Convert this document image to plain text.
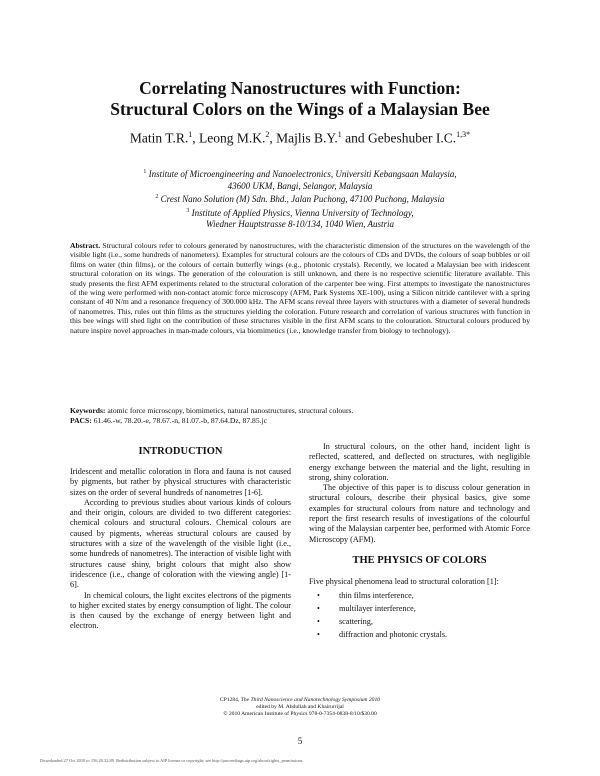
Correlating Nanostructures with Function:
Structural Colors on the Wings of a Malaysian Bee
Matin T.R.$^1$, Leong M.K.$^2$, Majlis B.Y.$^1$ and Gebeshuber I.C.$^{1,3*}$
$^1$ Institute of Microengineering and Nanoelectronics, Universiti Kebangsaan Malaysia,
43600 UKM, Bangi, Selangor, Malaysia
$^2$ Crest Nano Solution (M) Sdn. Bhd., Jalan Puchong, 47100 Puchong, Malaysia
$^3$ Institute of Applied Physics, Vienna University of Technology,
Wiedner Hauptstrasse 8-10/134, 1040 Wien, Austria
Abstract. Structural colours refer to colours generated by nanostructures, with the characteristic dimension of the structures on the wavelength of the visible light (i.e., some hundreds of nanometers). Examples for structural colours are the colours of CDs and DVDs, the colours of soap bubbles or oil films on water (thin films), or the colours of certain butterfly wings (e.g., photonic crystals). Recently, we located a Malaysian bee with iridescent structural coloration on its wings. The generation of the colouration is still unknown, and there is no respective scientific literature available. This study presents the first AFM experiments related to the structural coloration of the carpenter bee wing. First attempts to investigate the nanostructures of the wing were performed with non-contact atomic force microscopy (AFM, Park Systems XE-100), using a Silicon nitride cantilever with a spring constant of 40 N/m and a resonance frequency of 300.000 kHz. The AFM scans reveal three layers with structures with a diameter of several hundreds of nanometres. This, rules out thin films as the structures yielding the coloration. Future research and correlation of various structures with function in this bee wings will shed light on the contribution of these structures visible in the first AFM scans to the colouration. Structural colours produced by nature inspire novel approaches in man-made colours, via biomimetics (i.e., knowledge transfer from biology to technology).
Keywords: atomic force microscopy, biomimetics, natural nanostructures, structural colours.
PACS: 61.46.-w, 78.20.-e, 78.67.-n, 81.07.-b, 87.64.Dz, 87.85.jc
INTRODUCTION

Iridescent and metallic coloration in flora and fauna is not caused by pigments, but rather by physical structures with characteristic sizes on the order of several hundreds of nanometres [1-6].

According to previous studies about various kinds of colours and their origin, colours are divided to two different categories: chemical colours and structural colours. Chemical colours are caused by pigments, whereas structural colours are caused by structures with a size of the wavelength of the visible light (i.e., some hundreds of nanometres). The interaction of visible light with structures cause shiny, bright colours that might also show iridescence (i.e., change of coloration with the viewing angle) [1-6].

In chemical colours, the light excites electrons of the pigments to higher excited states by energy consumption of light. The colour is then caused by the exchange of energy between light and electron.

In structural colours, on the other hand, incident light is reflected, scattered, and deflected on structures, with negligible energy exchange between the material and the light, resulting in strong, shiny coloration.

The objective of this paper is to discuss colour generation in structural colours, describe their physical basics, give some examples for structural colours from nature and technology and report the first research results of investigations of the colourful wing of the Malaysian carpenter bee, performed with Atomic Force Microscopy (AFM).

THE PHYSICS OF COLORS

Five physical phenomena lead to structural coloration [1]:

• thin films interference,
• multilayer interference,
• scattering,
• diffraction and photonic crystals.
CP1284, The Third Nanoscience and Nanotechnology Symposium 2010
edited by M. Abdullah and Khairurrijal
© 2010 American Institute of Physics 978-0-7354-0838-8/10/$30.00
5
Downloaded 27 Oct 2010 to 156.20.32.89. Redistribution subject to AIP license or copyright; see http://proceedings.aip.org/about/rights_permissions
